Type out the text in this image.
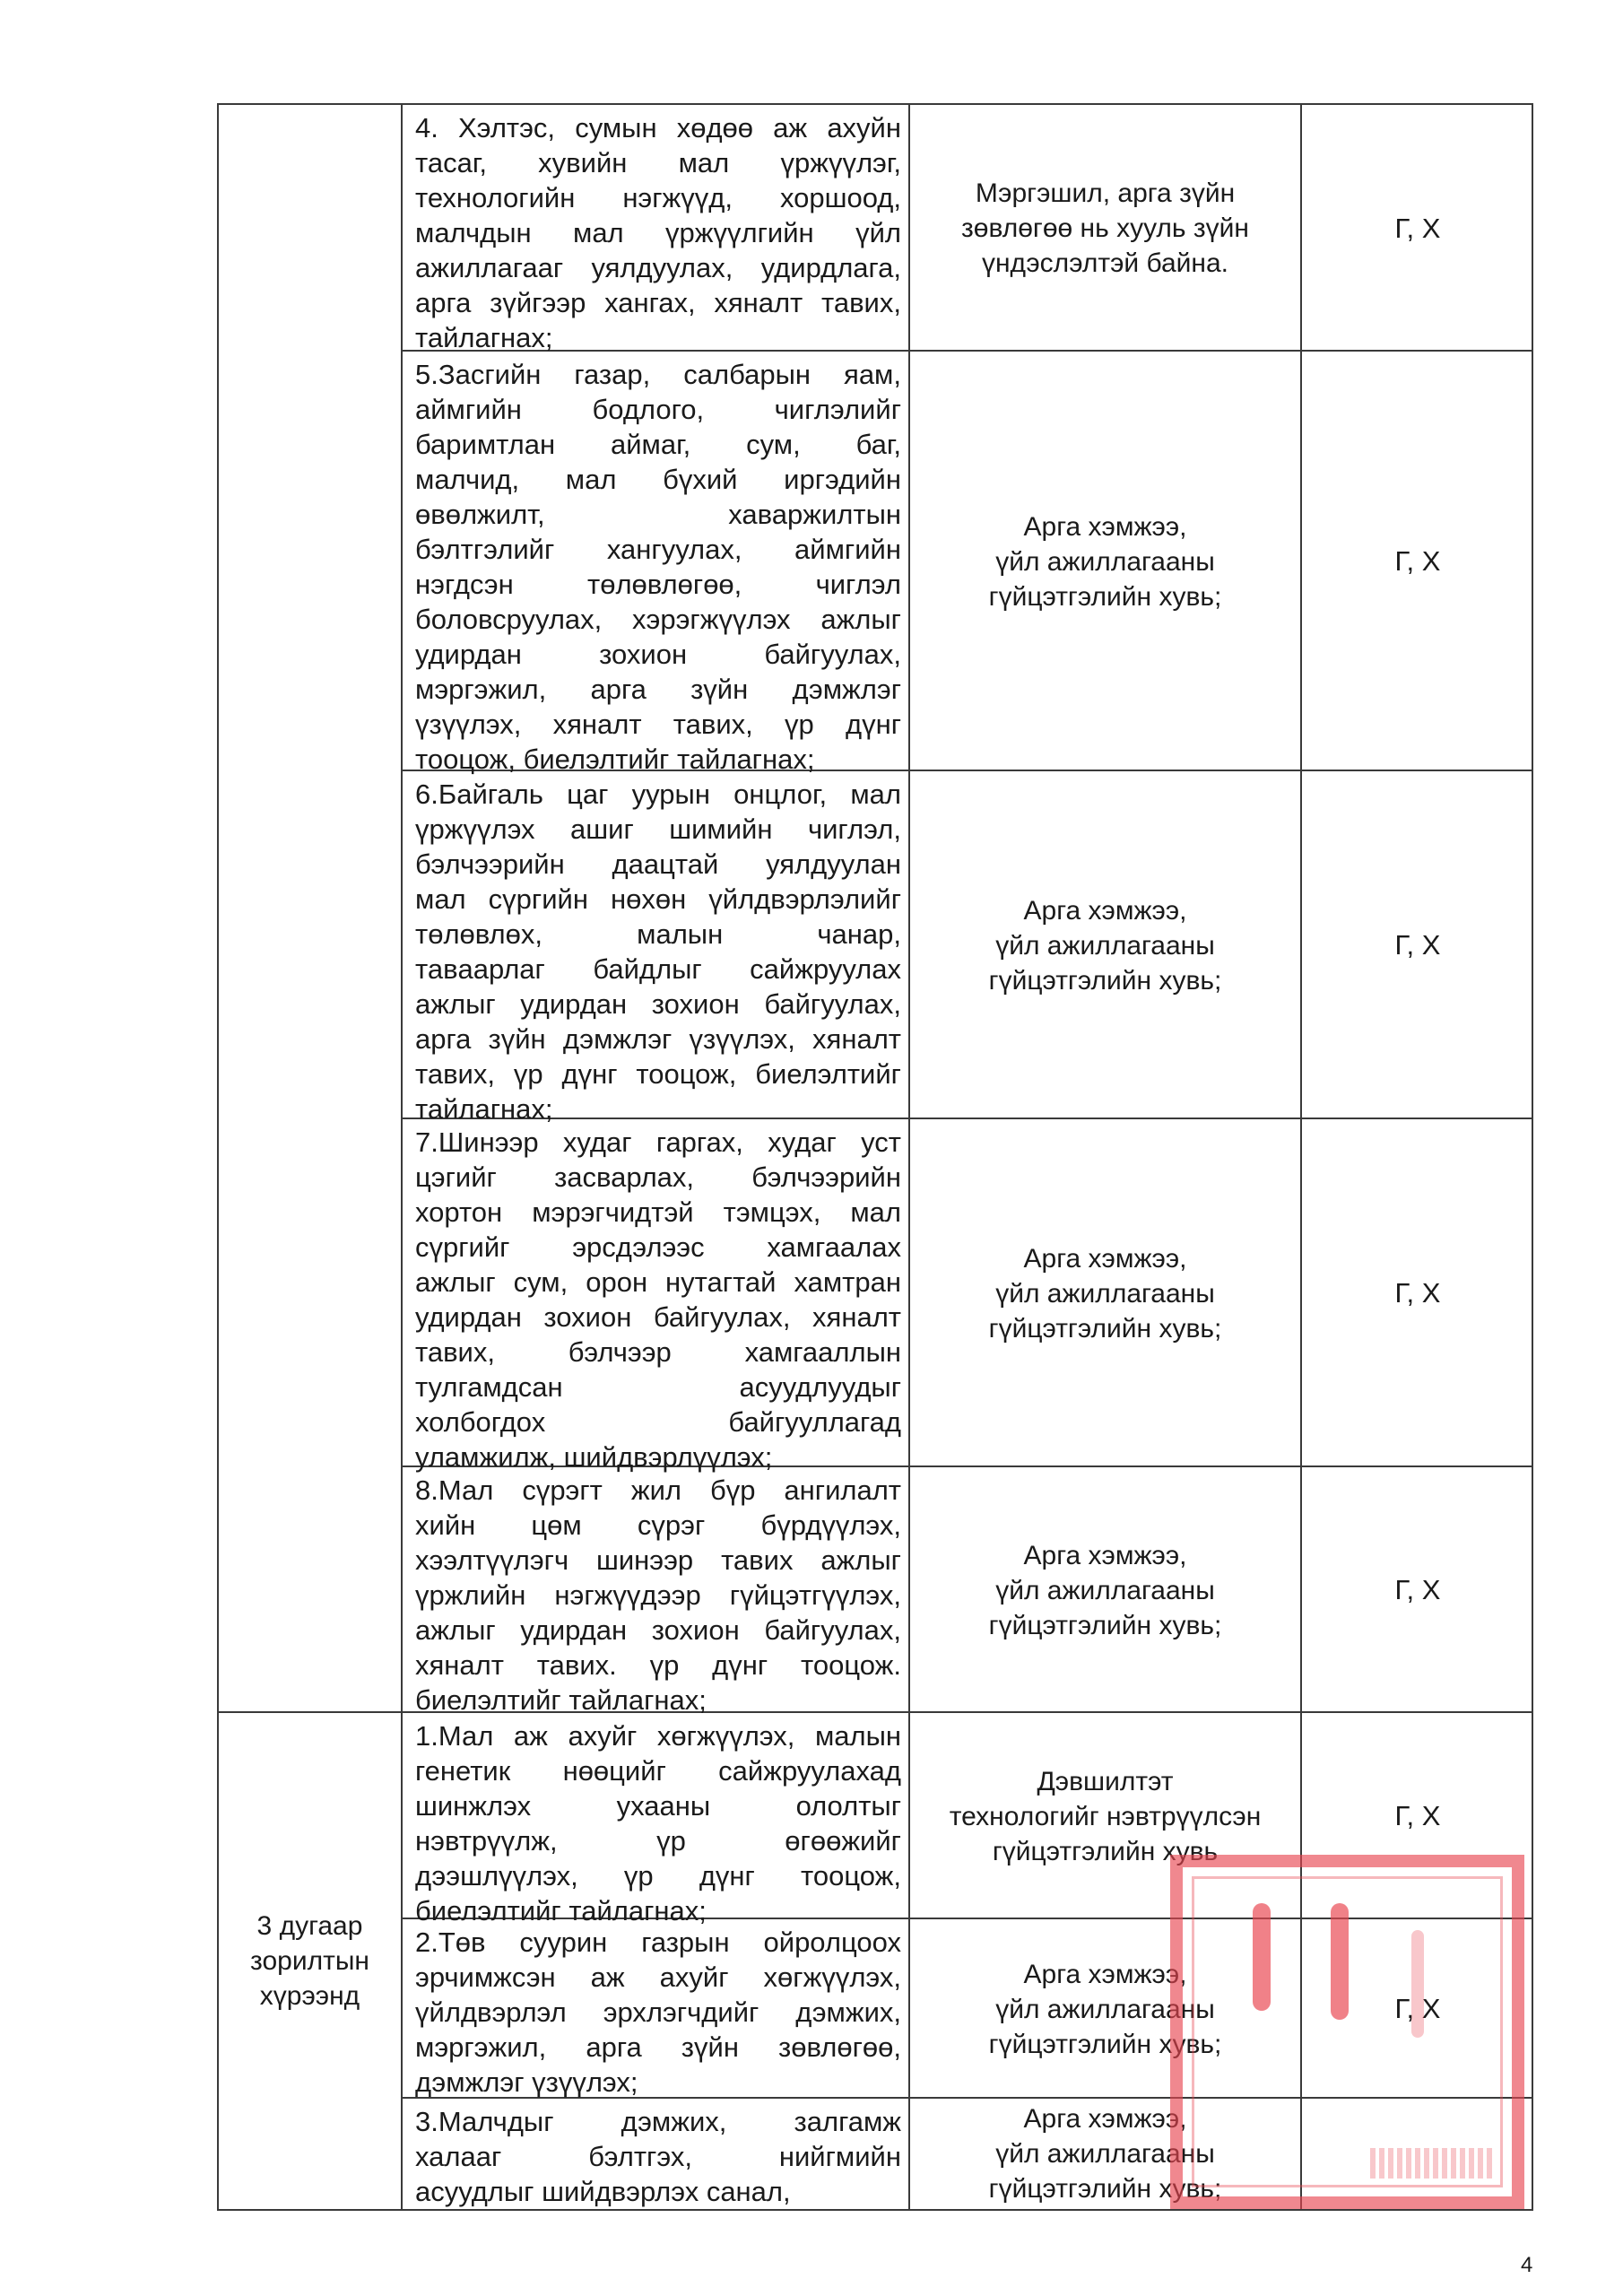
3 дугаар
зорилтын
хүрээнд
4. Хэлтэс, сумын хөдөө аж ахуйн
тасаг, хувийн мал үржүүлэг,
технологийн нэгжүүд, хоршоод,
малчдын мал үржүүлгийн үйл
ажиллагааг уялдуулах, удирдлага,
арга зүйгээр хангах, хяналт тавих,
тайлагнах;
Мэргэшил, арга зүйн
зөвлөгөө нь хууль зүйн
үндэслэлтэй байна.
Г, Х
5.Засгийн газар, салбарын яам,
аймгийн бодлого, чиглэлийг
баримтлан аймаг, сум, баг,
малчид, мал бүхий иргэдийн
өвөлжилт, хаваржилтын
бэлтгэлийг хангуулах, аймгийн
нэгдсэн төлөвлөгөө, чиглэл
боловсруулах, хэрэгжүүлэх ажлыг
удирдан зохион байгуулах,
мэргэжил, арга зүйн дэмжлэг
үзүүлэх, хяналт тавих, үр дүнг
тооцож, биелэлтийг тайлагнах;
Арга хэмжээ,
үйл ажиллагааны
гүйцэтгэлийн хувь;
Г, Х
6.Байгаль цаг уурын онцлог, мал
үржүүлэх ашиг шимийн чиглэл,
бэлчээрийн даацтай уялдуулан
мал сүргийн нөхөн үйлдвэрлэлийг
төлөвлөх, малын чанар,
тавaарлаг байдлыг сайжруулах
ажлыг удирдан зохион байгуулах,
арга зүйн дэмжлэг үзүүлэх, хяналт
тавих, үр дүнг тооцож, биелэлтийг
тайлагнах;
Арга хэмжээ,
үйл ажиллагааны
гүйцэтгэлийн хувь;
Г, Х
7.Шинээр худаг гаргах, худаг уст
цэгийг засварлах, бэлчээрийн
хортон мэрэгчидтэй тэмцэх, мал
сүргийг эрсдэлээс хамгаалах
ажлыг сум, орон нутагтай хамтран
удирдан зохион байгуулах, хяналт
тавих, бэлчээр хамгааллын
тулгамдсан асуудлуудыг
холбогдох байгууллагад
уламжилж, шийдвэрлүүлэх;
Арга хэмжээ,
үйл ажиллагааны
гүйцэтгэлийн хувь;
Г, Х
8.Мал сүрэгт жил бүр ангилалт
хийн цөм сүрэг бүрдүүлэх,
хээлтүүлэгч шинээр тавих ажлыг
үржлийн нэгжүүдээр гүйцэтгүүлэх,
ажлыг удирдан зохион байгуулах,
хяналт тавих. үр дүнг тооцож.
биелэлтийг тайлагнах;
Арга хэмжээ,
үйл ажиллагааны
гүйцэтгэлийн хувь;
Г, Х
1.Мал аж ахуйг хөгжүүлэх, малын
генетик нөөцийг сайжруулахад
шинжлэх ухааны ололтыг
нэвтрүүлж, үр өгөөжийг
дээшлүүлэх, үр дүнг тооцож,
биелэлтийг тайлагнах;
Дэвшилтэт
технологийг нэвтрүүлсэн
гүйцэтгэлийн хувь
Г, Х
2.Төв суурин газрын ойролцоох
эрчимжсэн аж ахуйг хөгжүүлэх,
үйлдвэрлэл эрхлэгчдийг дэмжих,
мэргэжил, арга зүйн зөвлөгөө,
дэмжлэг үзүүлэх;
Арга хэмжээ,
үйл ажиллагааны
гүйцэтгэлийн хувь;
Г, Х
3.Малчдыг дэмжих, залгамж
халааг бэлтгэх, нийгмийн
асуудлыг шийдвэрлэх санал,
Арга хэмжээ,
үйл ажиллагааны
гүйцэтгэлийн хувь;
4
